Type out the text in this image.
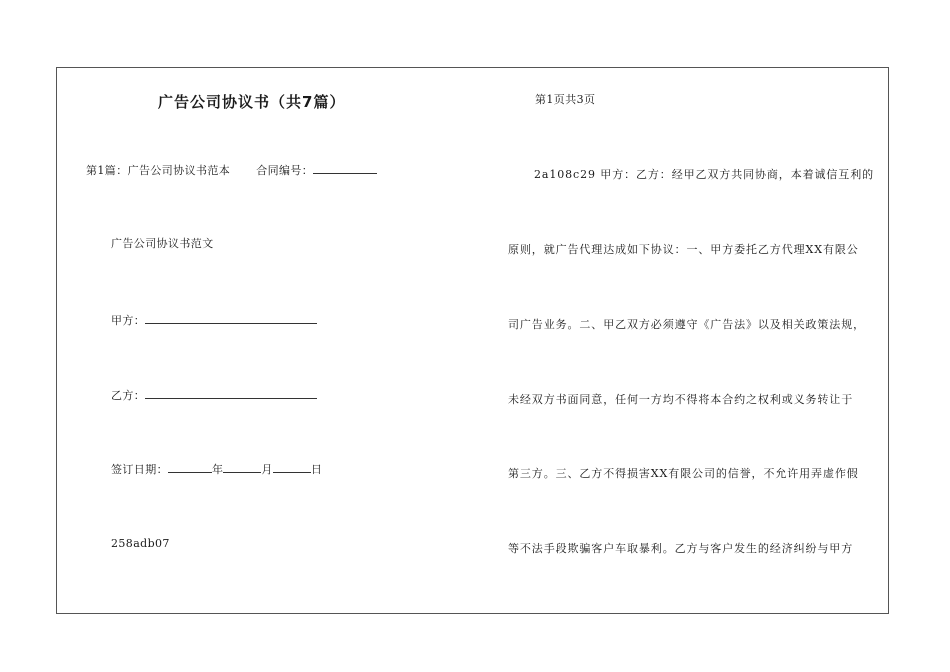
广告公司协议书（共7篇）
第1篇：广告公司协议书范本 合同编号：
广告公司协议书范文
甲方：
乙方：
签订日期：	年	月	日
258adb07
第1页共3页
2a108c29 甲方：乙方：经甲乙双方共同协商，本着诚信互利的
原则，就广告代理达成如下协议：一、甲方委托乙方代理XX有限公
司广告业务。二、甲乙双方必须遵守《广告法》以及相关政策法规，
未经双方书面同意，任何一方均不得将本合约之权利或义务转让于
第三方。三、乙方不得损害XX有限公司的信誉，不允许用弄虚作假
等不法手段欺骗客户车取暴利。乙方与客户发生的经济纠纷与甲方
